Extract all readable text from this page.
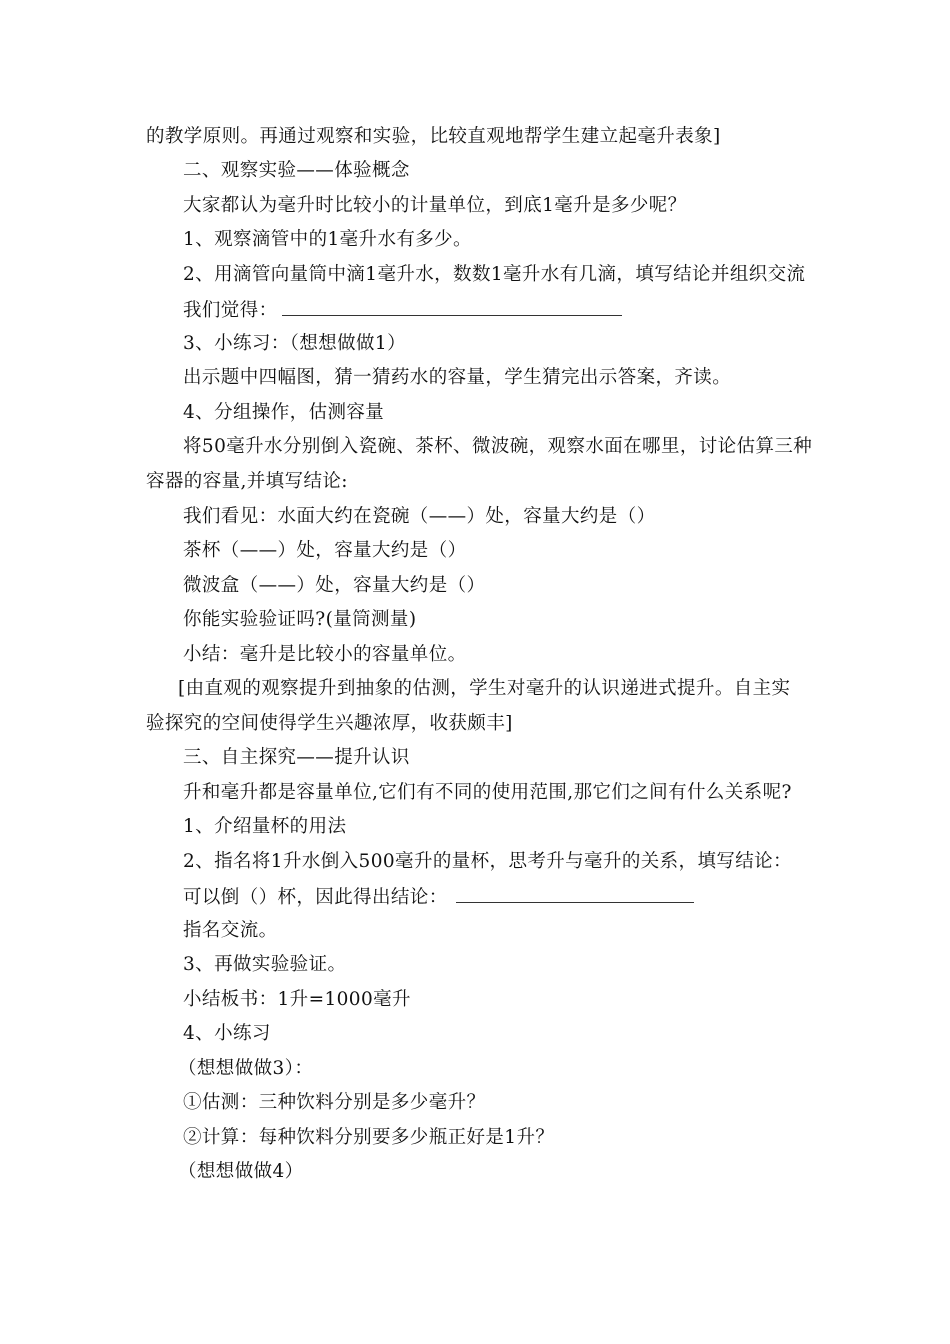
的教学原则。再通过观察和实验，比较直观地帮学生建立起毫升表象]
二、观察实验——体验概念
大家都认为毫升时比较小的计量单位，到底1毫升是多少呢？
1、观察滴管中的1毫升水有多少。
2、用滴管向量筒中滴1毫升水，数数1毫升水有几滴，填写结论并组织交流
我们觉得：
3、小练习：（想想做做1）
出示题中四幅图，猜一猜药水的容量，学生猜完出示答案，齐读。
4、分组操作，估测容量
将50毫升水分别倒入瓷碗、茶杯、微波碗，观察水面在哪里，讨论估算三种
容器的容量,并填写结论:
我们看见：水面大约在瓷碗（——）处，容量大约是（）
茶杯（——）处，容量大约是（）
微波盒（——）处，容量大约是（）
你能实验验证吗?(量筒测量)
小结：毫升是比较小的容量单位。
[由直观的观察提升到抽象的估测，学生对毫升的认识递进式提升。自主实
验探究的空间使得学生兴趣浓厚，收获颇丰]
三、自主探究——提升认识
升和毫升都是容量单位,它们有不同的使用范围,那它们之间有什么关系呢?
1、介绍量杯的用法
2、指名将1升水倒入500毫升的量杯，思考升与毫升的关系，填写结论：
可以倒（）杯，因此得出结论：
指名交流。
3、再做实验验证。
小结板书：1升=1000毫升
4、小练习
（想想做做3）：
①估测：三种饮料分别是多少毫升？
②计算：每种饮料分别要多少瓶正好是1升？
（想想做做4）
